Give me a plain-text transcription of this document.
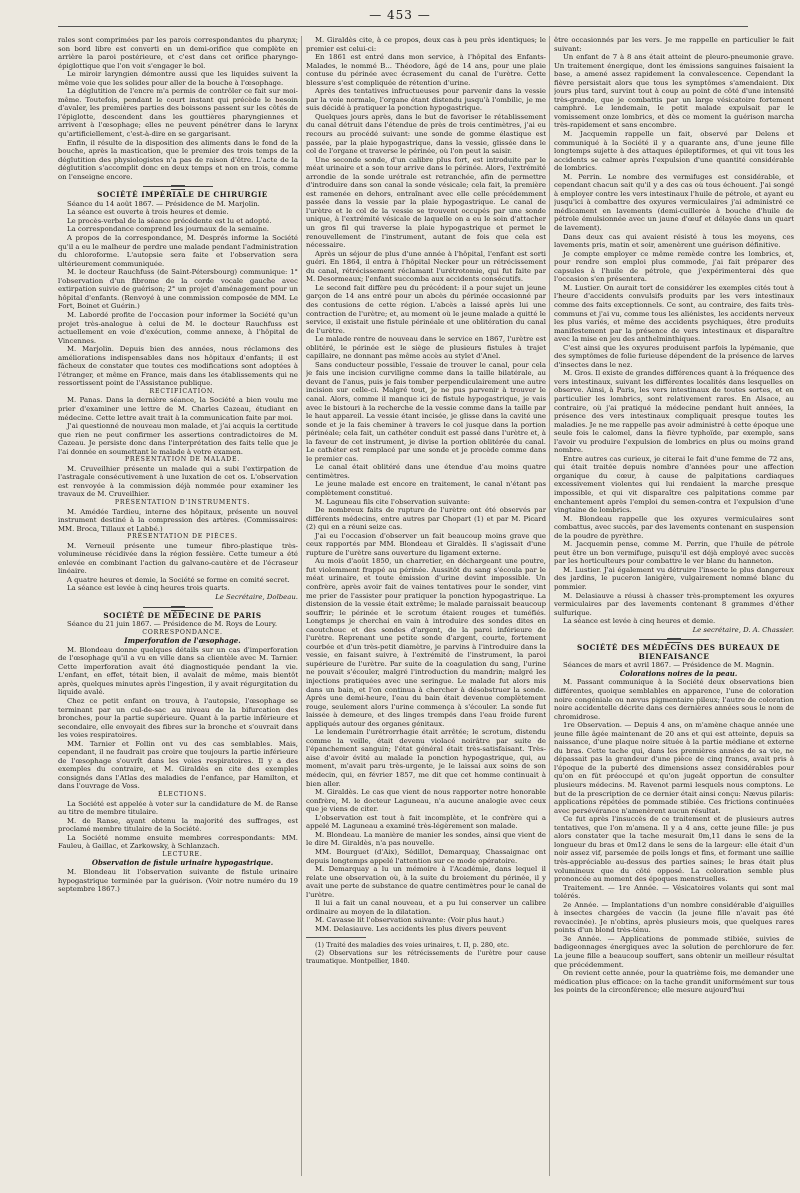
— 453 —

rales sont comprimées par les parois correspondantes du pharynx; son bord libre est converti en un demi-orifice que complète en arrière la paroi postérieure, et c'est dans cet orifice pharyngo-épiglottique que l'on voit s'engager le bol.

Le miroir laryngien démontre aussi que les liquides suivent la même voie que les solides pour aller de la bouche à l'œsophage.

La déglutition de l'encre m'a permis de contrôler ce fait sur moi-même. Toutefois, pendant le court instant qui précède le besoin d'avaler, les premières parties des boissons passent sur les côtés de l'épiglotte, descendent dans les gouttières pharyngiennes et arrivent à l'œsophage; elles ne peuvent pénétrer dans le larynx qu'artificiellement, c'est-à-dire en se gargarisant.

Enfin, il résulte de la disposition des aliments dans le fond de la bouche, après la mastication, que le premier des trois temps de la déglutition des physiologistes n'a pas de raison d'être. L'acte de la déglutition s'accomplit donc en deux temps et non en trois, comme on l'enseigne encore.

SOCIÉTÉ IMPÉRIALE DE CHIRURGIE

Séance du 14 août 1867. — Présidence de M. Marjolin.

La séance est ouverte à trois heures et demie.

Le procès-verbal de la séance précédente est lu et adopté.

La correspondance comprend les journaux de la semaine.

A propos de la correspondance, M. Després informe la Société qu'il a eu le malheur de perdre une malade pendant l'administration du chloroforme. L'autopsie sera faite et l'observation sera ultérieurement communiquée.

M. le docteur Rauchfuss (de Saint-Pétersbourg) communique: 1° l'observation d'un fibrome de la corde vocale gauche avec extirpation suivie de guérison; 2° un projet d'aménagement pour un hôpital d'enfants. (Renvoyé à une commission composée de MM. Le Fort, Boinet et Guérin.)

M. Labordé profite de l'occasion pour informer la Société qu'un projet très-analogue à celui de M. le docteur Rauchfuss est actuellement en voie d'exécution, comme annexe, à l'hôpital de Vincennes.

M. Marjolin. Depuis bien des années, nous réclamons des améliorations indispensables dans nos hôpitaux d'enfants; il est fâcheux de constater que toutes ces modifications sont adoptées à l'étranger, et même en France, mais dans les établissements qui ne ressortissent point de l'Assistance publique.

RECTIFICATION.

M. Panas. Dans la dernière séance, la Société a bien voulu me prier d'examiner une lettre de M. Charles Cazeau, étudiant en médecine. Cette lettre avait trait à la communication faite par moi.

J'ai questionné de nouveau mon malade, et j'ai acquis la certitude que rien ne peut confirmer les assertions contradictoires de M. Cazeau. Je persiste donc dans l'interprétation des faits telle que je l'ai donnée en soumettant le malade à votre examen.

PRÉSENTATION DE MALADE.

M. Cruveilhier présente un malade qui a subi l'extirpation de l'astragale consécutivement à une luxation de cet os. L'observation est renvoyée à la commission déjà nommée pour examiner les travaux de M. Cruveilhier.

PRÉSENTATION D'INSTRUMENTS.

M. Amédée Tardieu, interne des hôpitaux, présente un nouvel instrument destiné à la compression des artères. (Commissaires: MM. Broca, Tillaux et Labbé.)

PRÉSENTATION DE PIÈCES.

M. Verneuil présente une tumeur fibro-plastique très-volumineuse récidivée dans la région fessière. Cette tumeur a été enlevée en combinant l'action du galvano-cautère et de l'écraseur linéaire.

A quatre heures et demie, la Société se forme en comité secret.

La séance est levée à cinq heures trois quarts.

Le Secrétaire, Dolbeau.

SOCIÉTÉ DE MÉDECINE DE PARIS

Séance du 21 juin 1867. — Présidence de M. Roys de Loury.

CORRESPONDANCE.

Imperforation de l'œsophage.

M. Blondeau donne quelques détails sur un cas d'imperforation de l'œsophage qu'il a vu en ville dans sa clientèle avec M. Tarnier. Cette imperforation avait été diagnostiquée pendant la vie. L'enfant, en effet, tétait bien, il avalait de même, mais bientôt après, quelques minutes après l'ingestion, il y avait régurgitation du liquide avalé.

Chez ce petit enfant on trouva, à l'autopsie, l'œsophage se terminant par un cul-de-sac au niveau de la bifurcation des bronches, pour la partie supérieure. Quant à la partie inférieure et secondaire, elle envoyait des fibres sur la bronche et s'ouvrait dans les voies respiratoires.

MM. Tarnier et Follin ont vu des cas semblables. Mais, cependant, il ne faudrait pas croire que toujours la partie inférieure de l'œsophage s'ouvrît dans les voies respiratoires. Il y a des exemples du contraire, et M. Giraldès en cite des exemples consignés dans l'Atlas des maladies de l'enfance, par Hamilton, et dans l'ouvrage de Voss.

ÉLECTIONS.

La Société est appelée à voter sur la candidature de M. de Ranse au titre de membre titulaire.

M. de Ranse, ayant obtenu la majorité des suffrages, est proclamé membre titulaire de la Société.

La Société nomme ensuite membres correspondants: MM. Fauleu, à Gaillac, et Zarkowsky, à Schlanzach.

LECTURE.

Observation de fistule urinaire hypogastrique.

M. Blondeau lit l'observation suivante de fistule urinaire hypogastrique terminée par la guérison. (Voir notre numéro du 19 septembre 1867.)

M. Giraldès cite, à ce propos, deux cas à peu près identiques; le premier est celui-ci:

En 1861 est entré dans mon service, à l'hôpital des Enfants-Malades, le nommé B... Théodore, âgé de 14 ans, pour une plaie contuse du périnée avec écrasement du canal de l'urètre. Cette blessure s'est compliquée de rétention d'urine.

Après des tentatives infructueuses pour parvenir dans la vessie par la voie normale, l'organe étant distendu jusqu'à l'ombilic, je me suis décidé à pratiquer la ponction hypogastrique.

Quelques jours après, dans le but de favoriser le rétablissement du canal détruit dans l'étendue de près de trois centimètres, j'ai eu recours au procédé suivant: une sonde de gomme élastique est passée, par la plaie hypogastrique, dans la vessie, glissée dans le col de l'organe et traverse le périnée, où l'on peut la saisir.

Une seconde sonde, d'un calibre plus fort, est introduite par le méat urinaire et a son tour arrive dans le périnée. Alors, l'extrémité arrondie de la sonde urétrale est retranchée, afin de permettre d'introduire dans son canal la sonde vésicale; cela fait, la première est ramenée en dehors, entraînant avec elle celle précédemment passée dans la vessie par la plaie hypogastrique. Le canal de l'urètre et le col de la vessie se trouvent occupés par une sonde unique, à l'extrémité vésicale de laquelle on a eu le soin d'attacher un gros fil qui traverse la plaie hypogastrique et permet le renouvellement de l'instrument, autant de fois que cela est nécessaire.

Après un séjour de plus d'une année à l'hôpital, l'enfant est sorti guéri. En 1864, il entra à l'hôpital Necker pour un rétrécissement du canal, rétrécissement réclamant l'urétrotomie, qui fut faite par M. Desormeaux; l'enfant succomba aux accidents consécutifs.

Le second fait diffère peu du précédent: il a pour sujet un jeune garçon de 14 ans entré pour un abcès du périnée occasionné par des contusions de cette région. L'abcès a laissé après lui une contraction de l'urètre; et, au moment où le jeune malade a quitté le service, il existait une fistule périnéale et une oblitération du canal de l'urètre.

Le malade rentre de nouveau dans le service en 1867, l'urètre est oblitéré, le périnée est le siège de plusieurs fistules à trajet capillaire, ne donnant pas même accès au stylet d'Anel.

Sans conducteur possible, l'essaie de trouver le canal, pour cela je fais une incision curviligne comme dans la taille bilatérale, au devant de l'anus, puis je fais tomber perpendiculairement une autre incision sur celle-ci. Malgré tout, je ne pus parvenir à trouver le canal. Alors, comme il manque ici de fistule hypogastrique, je vais avec le bistouri à la recherche de la vessie comme dans la taille par le haut appareil. La vessie étant incisée, je glisse dans la cavité une sonde et je la fais cheminer à travers le col jusque dans la portion périnéale; cela fait, un cathéter conduit est passé dans l'urètre et, à la faveur de cet instrument, je divise la portion oblitérée du canal. Le cathéter est remplacé par une sonde et je procède comme dans le premier cas.

Le canal était oblitéré dans une étendue d'au moins quatre centimètres.

Le jeune malade est encore en traitement, le canal n'étant pas complètement constitué.

M. Laguneau fils cite l'observation suivante:

De nombreux faits de rupture de l'urètre ont été observés par différents médecins, entre autres par Chopart (1) et par M. Picard (2) qui en a réuni seize cas.

J'ai eu l'occasion d'observer un fait beaucoup moins grave que ceux rapportés par MM. Blondeau et Giraldès. Il s'agissait d'une rupture de l'urètre sans ouverture du ligament externe.

Au mois d'août 1850, un charretier, en déchargeant une poutre, fut violemment frappé au périnée. Aussitôt du sang s'écoula par le méat urinaire, et toute émission d'urine devint impossible. Un confrère, après avoir fait de vaines tentatives pour le sonder, vint me prier de l'assister pour pratiquer la ponction hypogastrique. La distension de la vessie était extrême; le malade paraissait beaucoup souffrir; le périnée et le scrotum étaient rouges et tuméfiés. Longtemps je cherchai en vain à introduire des sondes dites en caoutchouc et des sondes d'argent, de la paroi inférieure de l'urètre. Reprenant une petite sonde d'argent, courte, fortement courbée et d'un très-petit diamètre, je parvins à l'introduire dans la vessie, en faisant suivre, à l'extrémité de l'instrument, la paroi supérieure de l'urètre. Par suite de la coagulation du sang, l'urine ne pouvait s'écouler, malgré l'introduction du mandrin; malgré les injections pratiquées avec une seringue. Le malade fut alors mis dans un bain, et l'on continua à chercher à désobstruer la sonde. Après une demi-heure, l'eau du bain était devenue complètement rouge, seulement alors l'urine commença à s'écouler. La sonde fut laissée à demeure, et des linges trempés dans l'eau froide furent appliqués autour des organes génitaux.

Le lendemain l'urétrorrhagie était arrêtée; le scrotum, distendu comme la veille, était devenu violacé noirâtre par suite de l'épanchement sanguin; l'état général était très-satisfaisant. Très-aise d'avoir évité au malade la ponction hypogastrique, qui, au moment, m'avait paru très-urgente, je le laissai aux soins de son médecin, qui, en février 1857, me dit que cet homme continuait à bien aller.

M. Giraldès. Le cas que vient de nous rapporter notre honorable confrère, M. le docteur Laguneau, n'a aucune analogie avec ceux que je viens de citer.

L'observation est tout à fait incomplète, et le confrère qui a appelé M. Laguneau a examiné très-légèrement son malade.

M. Blondeau. La manière de manier les sondes, ainsi que vient de le dire M. Giraldès, n'a pas nouvelle.

MM. Bourguet (d'Aix), Sédillot, Demarquay, Chassaignac ont depuis longtemps appelé l'attention sur ce mode opératoire.

M. Demarquay a lu un mémoire à l'Académie, dans lequel il relate une observation où, à la suite du broiement du périnée, il y avait une perte de substance de quatre centimètres pour le canal de l'urètre.

Il lui a fait un canal nouveau, et a pu lui conserver un calibre ordinaire au moyen de la dilatation.

M. Cavasse lit l'observation suivante: (Voir plus haut.)

MM. Delasiauve. Les accidents les plus divers peuvent

(1) Traité des maladies des voies urinaires, t. II, p. 280, etc.

(2) Observations sur les rétrécissements de l'urètre pour cause traumatique. Montpellier, 1840.

être occasionnés par les vers. Je me rappelle en particulier le fait suivant:

Un enfant de 7 à 8 ans était atteint de pleuro-pneumonie grave. Un traitement énergique, dont les émissions sanguines faisaient la base, a amené assez rapidement la convalescence. Cependant la fièvre persistait alors que tous les symptômes s'amendaient. Dix jours plus tard, survint tout à coup au point de côté d'une intensité très-grande, que je combattis par un large vésicatoire fortement camphré. Le lendemain, le petit malade expulsait par le vomissement onze lombrics, et dès ce moment la guérison marcha très-rapidement et sans encombre.

M. Jacquemin rappelle un fait, observé par Delens et communiqué à la Société il y a quarante ans, d'une jeune fille longtemps sujette à des attaques épileptiformes, et qui vit tous les accidents se calmer après l'expulsion d'une quantité considérable de lombrics.

M. Perrin. Le nombre des vermifuges est considérable, et cependant chacun sait qu'il y a des cas où tous échouent. J'ai songé à employer contre les vers intestinaux l'huile de pétrole, et ayant eu jusqu'ici à combattre des oxyures vermiculaires j'ai administré ce médicament en lavements (demi-cuillerée à bouche d'huile de pétrole émulsionnée avec un jaune d'œuf et délayée dans un quart de lavement).

Dans deux cas qui avaient résisté à tous les moyens, ces lavements pris, matin et soir, amenèrent une guérison définitive.

Je compte employer ce même remède contre les lombrics, et, pour rendre son emploi plus commode, j'ai fait préparer des capsules à l'huile de pétrole, que j'expérimenterai dès que l'occasion s'en présentera.

M. Lustier. On aurait tort de considérer les exemples cités tout à l'heure d'accidents convulsifs produits par les vers intestinaux comme des faits exceptionnels. Ce sont, au contraire, des faits très-communs et j'ai vu, comme tous les aliénistes, les accidents nerveux les plus variés, et même des accidents psychiques, être produits manifestement par la présence de vers intestinaux et disparaître avec la mise en jeu des anthelminthiques.

C'est ainsi que les oxyures produisent parfois la lypémanie, que des symptômes de folie furieuse dépendent de la présence de larves d'insectes dans le nez.

M. Gros. Il existe de grandes différences quant à la fréquence des vers intestinaux, suivant les différentes localités dans lesquelles on observe. Ainsi, à Paris, les vers intestinaux de toutes sortes, et en particulier les lombrics, sont relativement rares. En Alsace, au contraire, où j'ai pratiqué la médecine pendant huit années, la présence des vers intestinaux compliquait presque toutes les maladies. Je ne me rappelle pas avoir administré à cette époque une seule fois le calomel, dans la fièvre typhoïde, par exemple, sans l'avoir vu produire l'expulsion de lombrics en plus ou moins grand nombre.

Entre autres cas curieux, je citerai le fait d'une femme de 72 ans, qui était traitée depuis nombre d'années pour une affection organique du cœur, à cause de palpitations cardiaques excessivement violentes qui lui rendaient la marche presque impossible, et qui vit disparaître ces palpitations comme par enchantement après l'emploi du semen-contra et l'expulsion d'une vingtaine de lombrics.

M. Blondeau rappelle que les oxyures vermiculaires sont combattus, avec succès, par des lavements contenant en suspension de la poudre de pyrèthre.

M. Jacquemin pense, comme M. Perrin, que l'huile de pétrole peut être un bon vermifuge, puisqu'il est déjà employé avec succès par les horticulteurs pour combattre le ver blanc du hanneton.

M. Lustier. J'ai également vu détruire l'insecte le plus dangereux des jardins, le puceron lanigère, vulgairement nommé blanc du pommier.

M. Delasiauve a réussi à chasser très-promptement les oxyures vermiculaires par des lavements contenant 8 grammes d'éther sulfurique.

La séance est levée à cinq heures et demie.

Le secrétaire, D. A. Chassier.

SOCIÉTÉ DES MÉDECINS DES BUREAUX DE BIENFAISANCE

Séances de mars et avril 1867. — Présidence de M. Magnin.

Colorations noires de la peau.

M. Passant communique à la Société deux observations bien différentes, quoique semblables en apparence, l'une de coloration noire congéniale ou nævus pigmentaire pileux; l'autre de coloration noire accidentelle décrite dans ces dernières années sous le nom de chromidrose.

1re Observation. — Depuis 4 ans, on m'amène chaque année une jeune fille âgée maintenant de 20 ans et qui est atteinte, depuis sa naissance, d'une plaque noire située à la partie médiane et externe du bras. Cette tache qui, dans les premières années de sa vie, ne dépassait pas la grandeur d'une pièce de cinq francs, avait pris à l'époque de la puberté des dimensions assez considérables pour qu'on en fût préoccupé et qu'on jugeât opportun de consulter plusieurs médecins. M. Ravenot parmi lesquels nous comptons. Le but de la prescription de ce dernier était ainsi conçu: Nævus pilaris: applications répétées de pommade stibiée. Ces frictions continuées avec persévérance n'amenèrent aucun résultat.

Ce fut après l'insuccès de ce traitement et de plusieurs autres tentatives, que l'on m'amena. Il y a 4 ans, cette jeune fille: je pus alors constater que la tache mesurait 0m,11 dans le sens de la longueur du bras et 0m12 dans le sens de la largeur: elle était d'un noir assez vif, parsemée de poils longs et fins, et formant une saillie très-appréciable au-dessus des parties saines; le bras était plus volumineux que du côté opposé. La coloration semble plus prononcée au moment des époques menstruelles.

Traitement. — 1re Année. — Vésicatoires volants qui sont mal tolérés.

2e Année. — Implantations d'un nombre considérable d'aiguilles à insectes chargées de vaccin (la jeune fille n'avait pas été revaccinée). Je n'obtins, après plusieurs mois, que quelques rares points d'un blond très-ténu.

3e Année. — Applications de pommade stibiée, suivies de badigeonnages énergiques avec la solution de perchlorure de fer. La jeune fille a beaucoup souffert, sans obtenir un meilleur résultat que précédemment.

On revient cette année, pour la quatrième fois, me demander une médication plus efficace: on la tache grandit uniformément sur tous les points de la circonférence; elle mesure aujourd'hui
